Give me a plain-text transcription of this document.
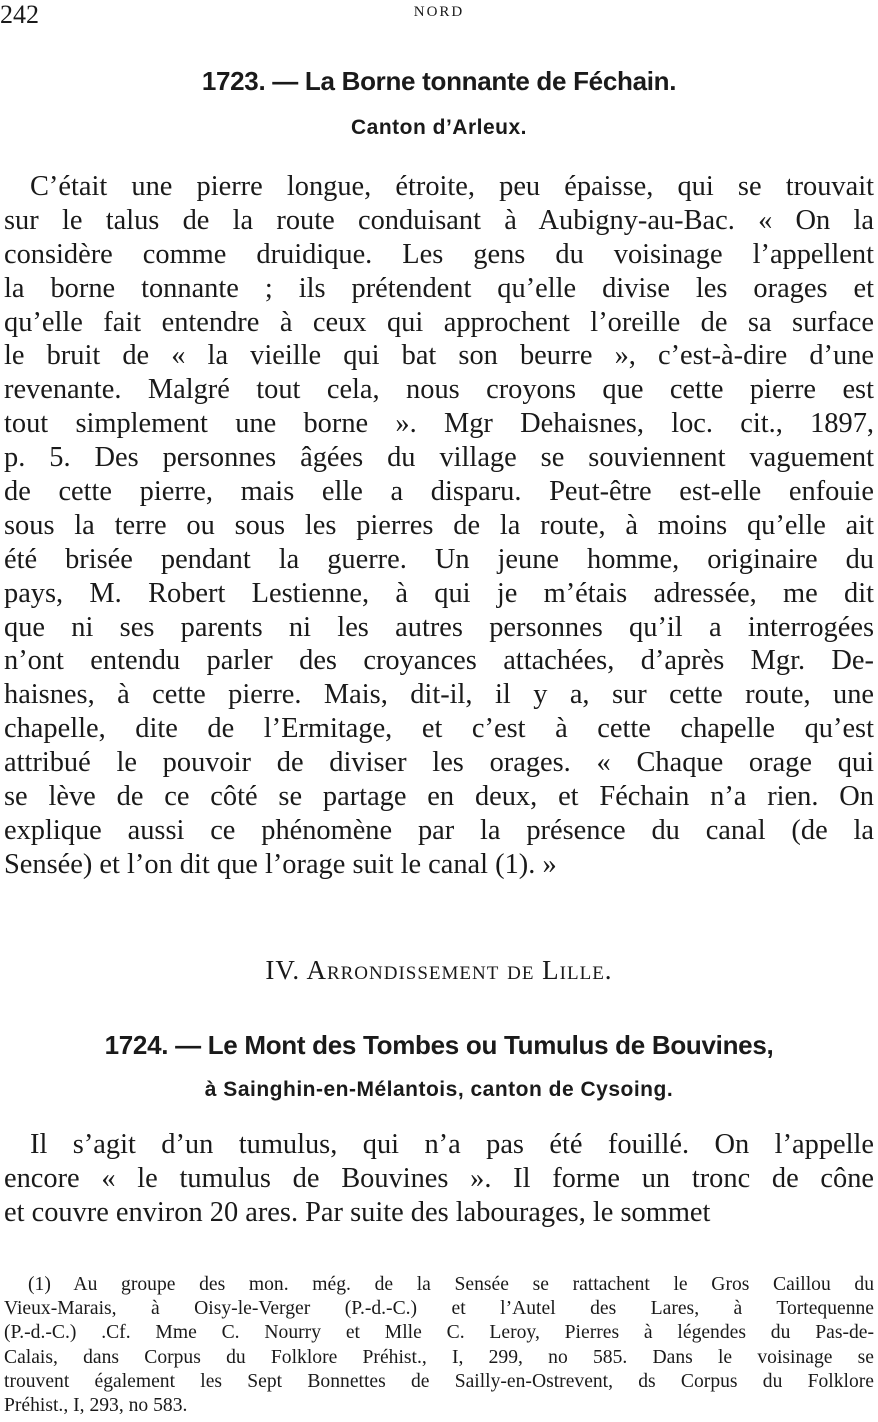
242	NORD
1723. — La Borne tonnante de Féchain.
Canton d’Arleux.
C’était une pierre longue, étroite, peu épaisse, qui se trouvait
sur le talus de la route conduisant à Aubigny-au-Bac. « On la
considère comme druidique. Les gens du voisinage l’appellent
la borne tonnante ; ils prétendent qu’elle divise les orages et
qu’elle fait entendre à ceux qui approchent l’oreille de sa surface
le bruit de « la vieille qui bat son beurre », c’est-à-dire d’une
revenante. Malgré tout cela, nous croyons que cette pierre est
tout simplement une borne ». Mgr Dehaisnes, loc. cit., 1897,
p. 5. Des personnes âgées du village se souviennent vaguement
de cette pierre, mais elle a disparu. Peut-être est-elle enfouie
sous la terre ou sous les pierres de la route, à moins qu’elle ait
été brisée pendant la guerre. Un jeune homme, originaire du
pays, M. Robert Lestienne, à qui je m’étais adressée, me dit
que ni ses parents ni les autres personnes qu’il a interrogées
n’ont entendu parler des croyances attachées, d’après Mgr. De-
haisnes, à cette pierre. Mais, dit-il, il y a, sur cette route, une
chapelle, dite de l’Ermitage, et c’est à cette chapelle qu’est
attribué le pouvoir de diviser les orages. « Chaque orage qui
se lève de ce côté se partage en deux, et Féchain n’a rien. On
explique aussi ce phénomène par la présence du canal (de la
Sensée) et l’on dit que l’orage suit le canal (1). »
IV. Arrondissement de Lille.
1724. — Le Mont des Tombes ou Tumulus de Bouvines,
à Sainghin-en-Mélantois, canton de Cysoing.
Il s’agit d’un tumulus, qui n’a pas été fouillé. On l’appelle
encore « le tumulus de Bouvines ». Il forme un tronc de cône
et couvre environ 20 ares. Par suite des labourages, le sommet
(1) Au groupe des mon. még. de la Sensée se rattachent le Gros Caillou du
Vieux-Marais, à Oisy-le-Verger (P.-d.-C.) et l’Autel des Lares, à Tortequenne
(P.-d.-C.) .Cf. Mme C. Nourry et Mlle C. Leroy, Pierres à légendes du Pas-de-
Calais, dans Corpus du Folklore Préhist., I, 299, no 585. Dans le voisinage se
trouvent également les Sept Bonnettes de Sailly-en-Ostrevent, ds Corpus du Folklore
Préhist., I, 293, no 583.
